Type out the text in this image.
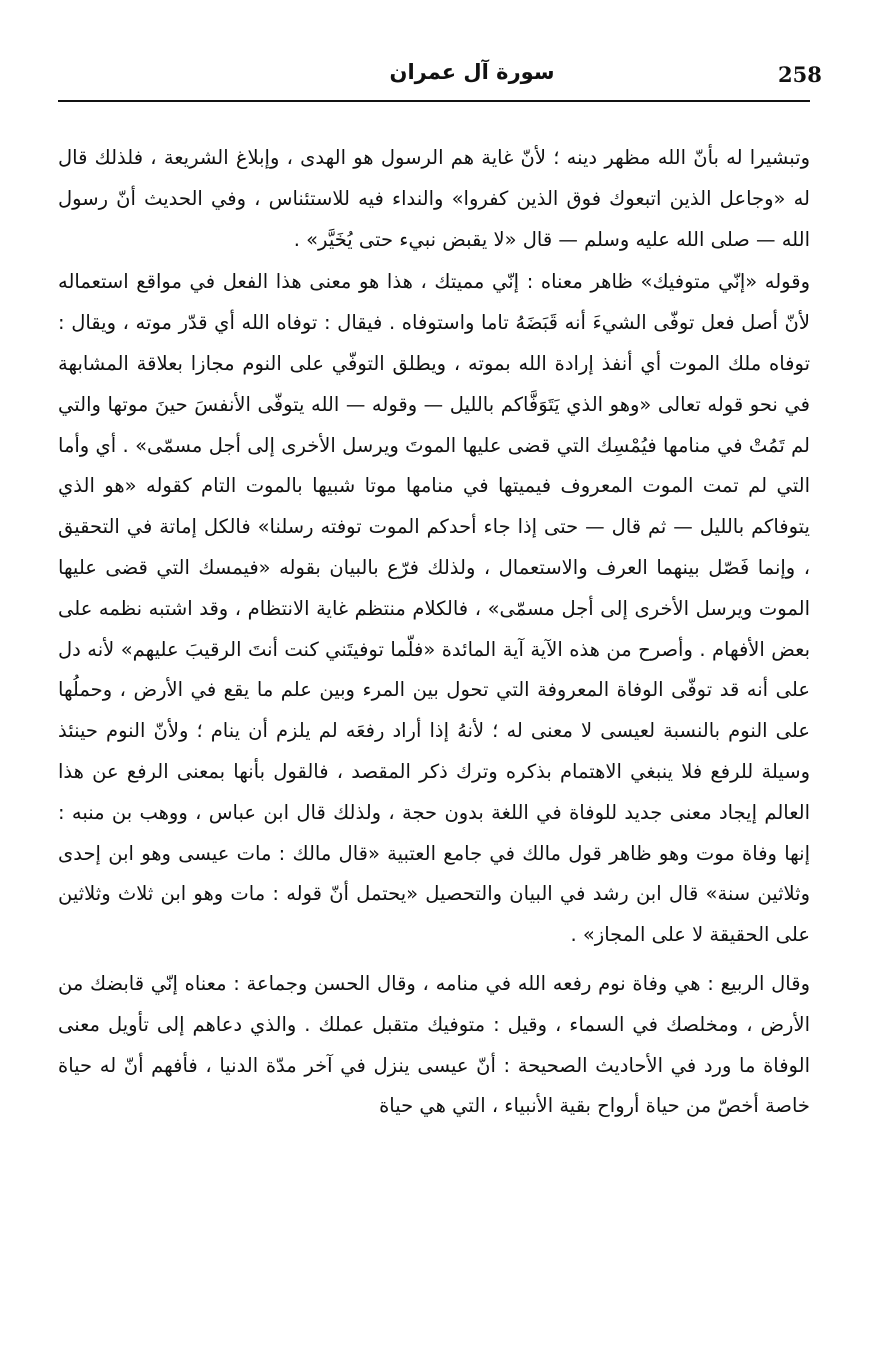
258
سورة آل عمران

وتبشيرا له بأنّ الله مظهر دينه ؛ لأنّ غاية هم الرسول هو الهدى ، وإبلاغ الشريعة ، فلذلك قال له «وجاعل الذين اتبعوك فوق الذين كفروا» والنداء فيه للاستئناس ، وفي الحديث أنّ رسول الله — صلى الله عليه وسلم — قال «لا يقبض نبيء حتى يُخَيَّر» .

وقوله «إنّي متوفيك» ظاهر معناه : إنّي مميتك ، هذا هو معنى هذا الفعل في مواقع استعماله لأنّ أصل فعل توفّى الشيءَ أنه قَبَضَهُ تاما واستوفاه . فيقال : توفاه الله أي قدّر موته ، ويقال : توفاه ملك الموت أي أنفذ إرادة الله بموته ، ويطلق التوفّي على النوم مجازا بعلاقة المشابهة في نحو قوله تعالى «وهو الذي يَتَوَفَّاكم بالليل — وقوله — الله يتوفّى الأنفسَ حينَ موتها والتي لم تَمُتْ في منامها فيُمْسِك التي قضى عليها الموتَ ويرسل الأخرى إلى أجل مسمّى» . أي وأما التي لم تمت الموت المعروف فيميتها في منامها موتا شبيها بالموت التام كقوله «هو الذي يتوفاكم بالليل — ثم قال — حتى إذا جاء أحدكم الموت توفته رسلنا» فالكل إماتة في التحقيق ، وإنما فَصّل بينهما العرف والاستعمال ، ولذلك فرّع بالبيان بقوله «فيمسك التي قضى عليها الموت ويرسل الأخرى إلى أجل مسمّى» ، فالكلام منتظم غاية الانتظام ، وقد اشتبه نظمه على بعض الأفهام . وأصرح من هذه الآية آية المائدة «فلّما توفيتَني كنت أنتَ الرقيبَ عليهم» لأنه دل على أنه قد توفّى الوفاة المعروفة التي تحول بين المرء وبين علم ما يقع في الأرض ، وحملُها على النوم بالنسبة لعيسى لا معنى له ؛ لأنهُ إذا أراد رفعَه لم يلزم أن ينام ؛ ولأنّ النوم حينئذ وسيلة للرفع فلا ينبغي الاهتمام بذكره وترك ذكر المقصد ، فالقول بأنها بمعنى الرفع عن هذا العالم إيجاد معنى جديد للوفاة في اللغة بدون حجة ، ولذلك قال ابن عباس ، ووهب بن منبه : إنها وفاة موت وهو ظاهر قول مالك في جامع العتبية «قال مالك : مات عيسى وهو ابن إحدى وثلاثين سنة» قال ابن رشد في البيان والتحصيل «يحتمل أنّ قوله : مات وهو ابن ثلاث وثلاثين على الحقيقة لا على المجاز» .

وقال الربيع : هي وفاة نوم رفعه الله في منامه ، وقال الحسن وجماعة : معناه إنّي قابضك من الأرض ، ومخلصك في السماء ، وقيل : متوفيك متقبل عملك . والذي دعاهم إلى تأويل معنى الوفاة ما ورد في الأحاديث الصحيحة : أنّ عيسى ينزل في آخر مدّة الدنيا ، فأفهم أنّ له حياة خاصة أخصّ من حياة أرواح بقية الأنبياء ، التي هي حياة
